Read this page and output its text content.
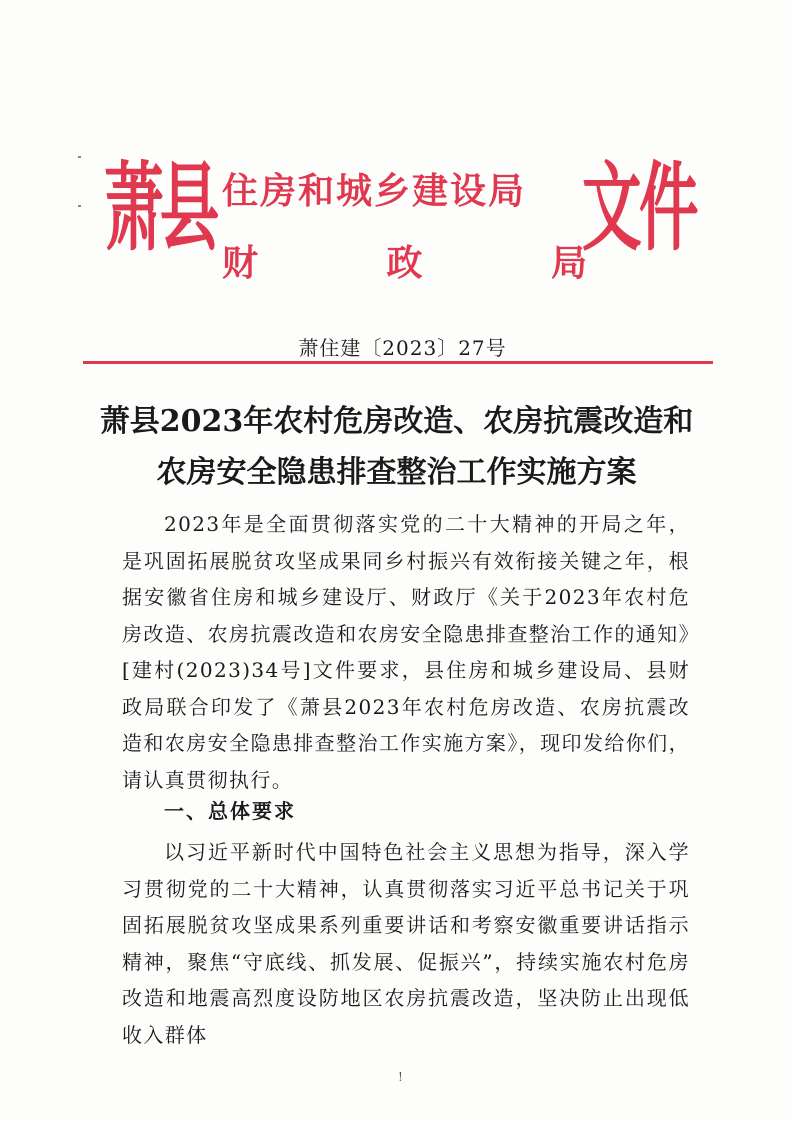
萧县 住房和城乡建设局
财	政	局
文件
萧住建〔2023〕27号
萧县2023年农村危房改造、农房抗震改造和
农房安全隐患排查整治工作实施方案
2023年是全面贯彻落实党的二十大精神的开局之年，是巩固拓展脱贫攻坚成果同乡村振兴有效衔接关键之年，根据安徽省住房和城乡建设厅、财政厅《关于2023年农村危房改造、农房抗震改造和农房安全隐患排查整治工作的通知》[建村(2023)34号]文件要求，县住房和城乡建设局、县财政局联合印发了《萧县2023年农村危房改造、农房抗震改造和农房安全隐患排查整治工作实施方案》，现印发给你们，请认真贯彻执行。
一、总体要求
以习近平新时代中国特色社会主义思想为指导，深入学习贯彻党的二十大精神，认真贯彻落实习近平总书记关于巩固拓展脱贫攻坚成果系列重要讲话和考察安徽重要讲话指示精神，聚焦“守底线、抓发展、促振兴”，持续实施农村危房改造和地震高烈度设防地区农房抗震改造，坚决防止出现低收入群体
!
